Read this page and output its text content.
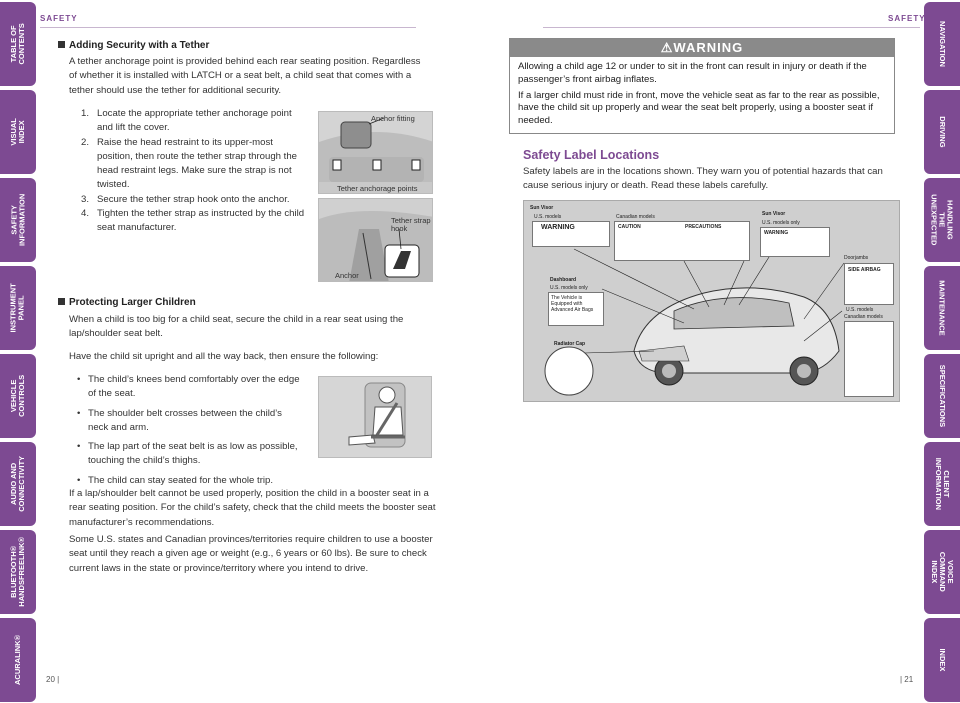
TABLE OF
CONTENTS
VISUAL INDEX
SAFETY
INFORMATION
INSTRUMENT
PANEL
VEHICLE
CONTROLS
AUDIO AND
CONNECTIVITY
BLUETOOTH®
HANDSFREELINK®
ACURALINK®
NAVIGATION
DRIVING
HANDLING THE
UNEXPECTED
MAINTENANCE
SPECIFICATIONS
CLIENT
INFORMATION
VOICE COMMAND
INDEX
INDEX
SAFETY
Adding Security with a Tether
A tether anchorage point is provided behind each rear seating position. Regardless of whether it is installed with LATCH or a seat belt, a child seat that comes with a tether should use the tether for additional security.
1. Locate the appropriate tether anchorage point and lift the cover.
2. Raise the head restraint to its upper-most position, then route the tether strap through the head restraint legs. Make sure the strap is not twisted.
3. Secure the tether strap hook onto the anchor.
4. Tighten the tether strap as instructed by the child seat manufacturer.
Anchor fitting
Tether anchorage points
Tether strap
hook
Anchor
Protecting Larger Children
When a child is too big for a child seat, secure the child in a rear seat using the lap/shoulder seat belt.
Have the child sit upright and all the way back, then ensure the following:
• The child’s knees bend comfortably over the edge of the seat.
• The shoulder belt crosses between the child’s neck and arm.
• The lap part of the seat belt is as low as possible, touching the child’s thighs.
• The child can stay seated for the whole trip.
If a lap/shoulder belt cannot be used properly, position the child in a booster seat in a rear seating position. For the child’s safety, check that the child meets the booster seat manufacturer’s recommendations.
Some U.S. states and Canadian provinces/territories require children to use a booster seat until they reach a given age or weight (e.g., 6 years or 60 lbs). Be sure to check current laws in the state or province/territory where you intend to drive.
20 |
SAFETY
⚠WARNING

Allowing a child age 12 or under to sit in the front can result in injury or death if the passenger’s front airbag inflates.

If a larger child must ride in front, move the vehicle seat as far to the rear as possible, have the child sit up properly and wear the seat belt properly, using a booster seat if needed.

Safety Label Locations
Safety labels are in the locations shown. They warn you of potential hazards that can cause serious injury or death. Read these labels carefully.
Sun Visor
U.S. models
WARNING
Canadian models
CAUTION	PRECAUTIONS
Sun Visor
U.S. models only
WARNING
Doorjambs
SIDE AIRBAG
U.S. models
Canadian models
Dashboard
U.S. models only
The Vehicle is Equipped with Advanced Air Bags
Radiator Cap
| 21
